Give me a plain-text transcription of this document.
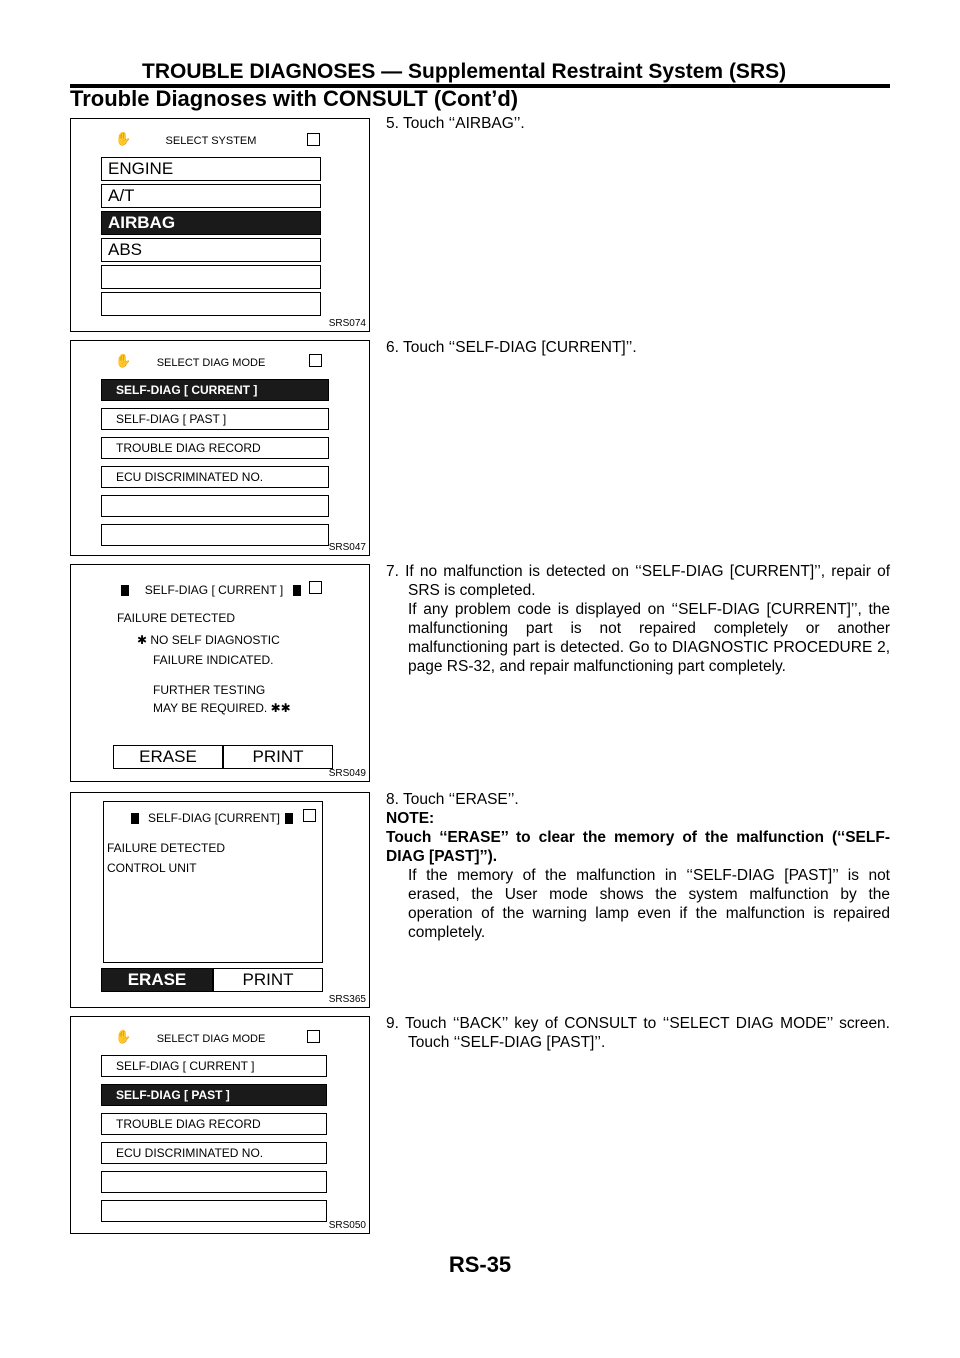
TROUBLE DIAGNOSES — Supplemental Restraint System (SRS)
Trouble Diagnoses with CONSULT (Cont’d)
✋	SELECT SYSTEM
ENGINE
A/T
AIRBAG
ABS
SRS074
✋	SELECT DIAG MODE
SELF-DIAG [ CURRENT ]
SELF-DIAG [ PAST ]
TROUBLE DIAG RECORD
ECU DISCRIMINATED NO.
SRS047
SELF-DIAG [ CURRENT ]
FAILURE DETECTED
✱ NO SELF DIAGNOSTIC
FAILURE INDICATED.
FURTHER TESTING
MAY BE REQUIRED. ✱✱
ERASE	PRINT
SRS049
SELF-DIAG [CURRENT]
FAILURE DETECTED
CONTROL UNIT
ERASE	PRINT
SRS365
✋	SELECT DIAG MODE
SELF-DIAG [ CURRENT ]
SELF-DIAG [ PAST ]
TROUBLE DIAG RECORD
ECU DISCRIMINATED NO.
SRS050

5. Touch ‘‘AIRBAG’’.

6. Touch ‘‘SELF-DIAG [CURRENT]’’.

7. If no malfunction is detected on ‘‘SELF-DIAG [CURRENT]’’, repair of SRS is completed.

If any problem code is displayed on ‘‘SELF-DIAG [CURRENT]’’, the malfunctioning part is not repaired completely or another malfunctioning part is detected. Go to DIAGNOSTIC PROCEDURE 2, page RS-32, and repair malfunctioning part completely.

8. Touch ‘‘ERASE’’.

NOTE:

Touch ‘‘ERASE’’ to clear the memory of the malfunction (‘‘SELF-DIAG [PAST]’’).

If the memory of the malfunction in ‘‘SELF-DIAG [PAST]’’ is not erased, the User mode shows the system malfunction by the operation of the warning lamp even if the malfunction is repaired completely.

9. Touch ‘‘BACK’’ key of CONSULT to ‘‘SELECT DIAG MODE’’ screen. Touch ‘‘SELF-DIAG [PAST]’’.

RS-35
